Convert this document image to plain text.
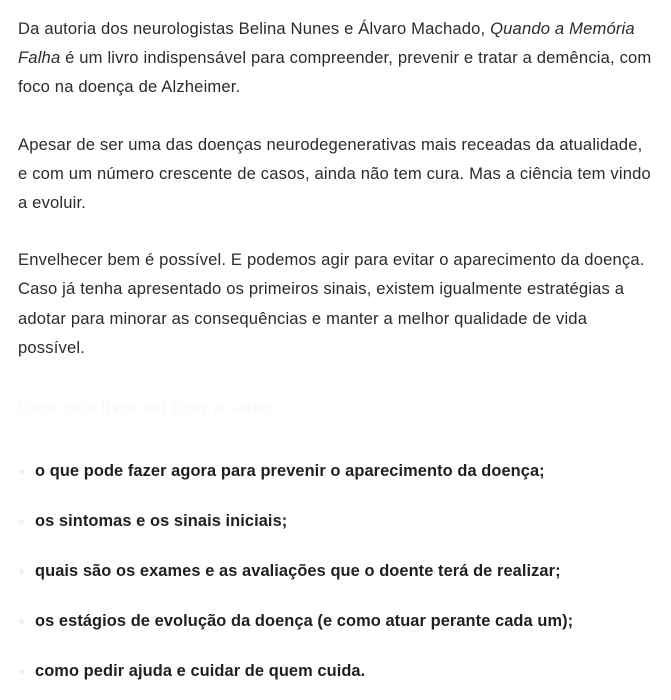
Da autoria dos neurologistas Belina Nunes e Álvaro Machado, Quando a Memória Falha é um livro indispensável para compreender, prevenir e tratar a demência, com foco na doença de Alzheimer.

Apesar de ser uma das doenças neurodegenerativas mais receadas da atualidade, e com um número crescente de casos, ainda não tem cura. Mas a ciência tem vindo a evoluir.

Envelhecer bem é possível. E podemos agir para evitar o aparecimento da doença. Caso já tenha apresentado os primeiros sinais, existem igualmente estratégias a adotar para minorar as consequências e manter a melhor qualidade de vida possível.

o que pode fazer agora para prevenir o aparecimento da doença;
os sintomas e os sinais iniciais;
quais são os exames e as avaliações que o doente terá de realizar;
os estágios de evolução da doença (e como atuar perante cada um);
como pedir ajuda e cuidar de quem cuida.
